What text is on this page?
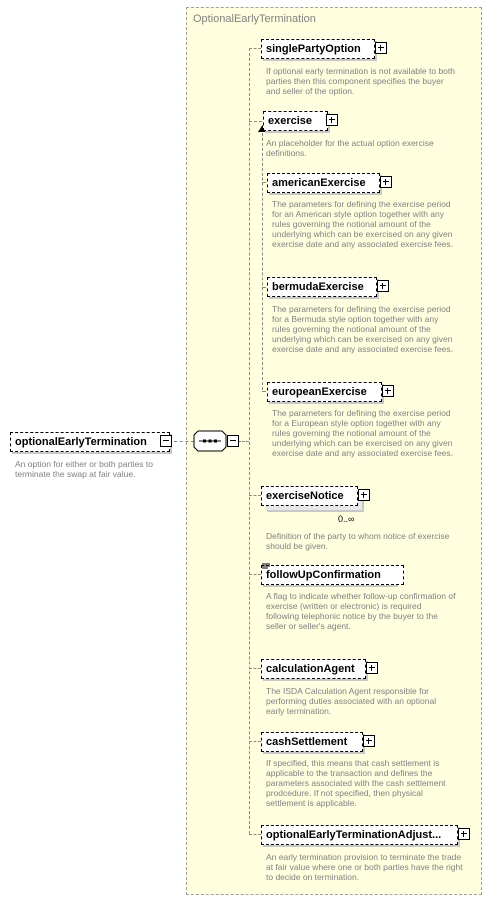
OptionalEarlyTermination
optionalEarlyTermination
An option for either or both parties to terminate the swap at fair value.
singlePartyOption
If optional early termination is not available to both parties then this component specifies the buyer and seller of the option.
exercise
An placeholder for the actual option exercise definitions.
americanExercise
The parameters for defining the exercise period for an American style option together with any rules governing the notional amount of the underlying which can be exercised on any given exercise date and any associated exercise fees.
bermudaExercise
The parameters for defining the exercise period for a Bermuda style option together with any rules governing the notional amount of the underlying which can be exercised on any given exercise date and any associated exercise fees.
europeanExercise
The parameters for defining the exercise period for a European style option together with any rules governing the notional amount of the underlying which can be exercised on any given exercise date and any associated exercise fees.
exerciseNotice
0..∞
Definition of the party to whom notice of exercise should be given.
followUpConfirmation
A flag to indicate whether follow-up confirmation of exercise (written or electronic) is required following telephonic notice by the buyer to the seller or seller's agent.
calculationAgent
The ISDA Calculation Agent responsible for performing duties associated with an optional early termination.
cashSettlement
If specified, this means that cash settlement is applicable to the transaction and defines the parameters associated with the cash settlement prodcedure. If not specified, then physical settlement is applicable.
optionalEarlyTerminationAdjust...
An early termination provision to terminate the trade at fair value where one or both parties have the right to decide on termination.
